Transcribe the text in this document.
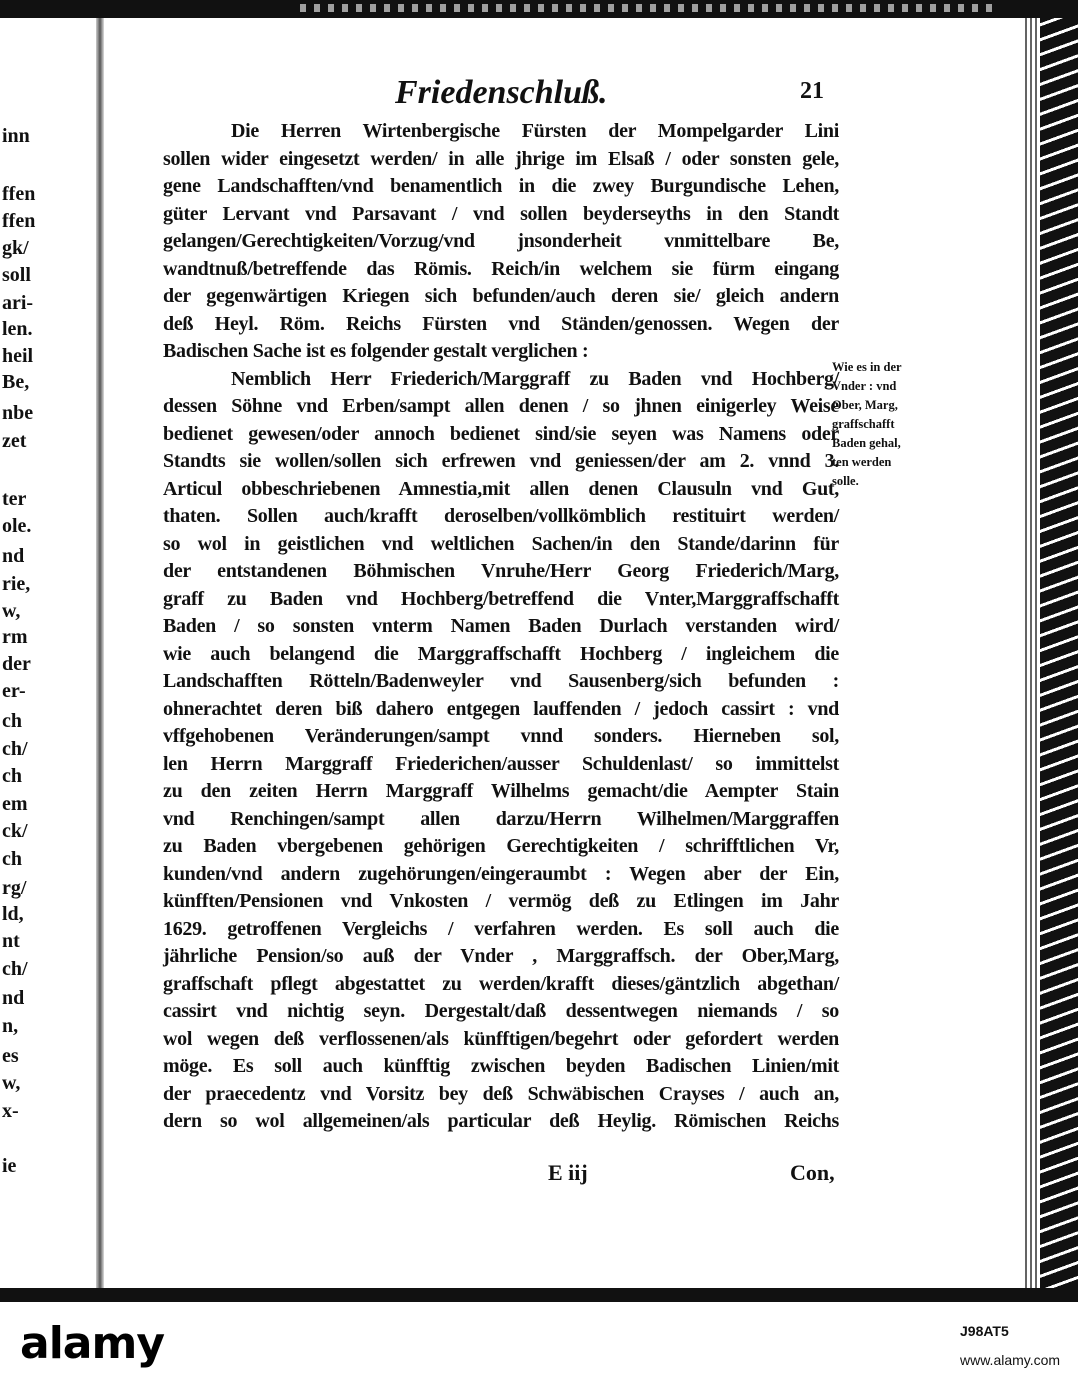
inn
ffen
ffen
gk/
soll
ari-
len.
heil
Be,
nbe
zet
ter
ole.
nd
rie,
w,
rm
der
er-
ch
ch/
ch
em
ck/
ch
rg/
ld,
nt
ch/
nd
n,
es
w,
x-
ie
Friedenschluß.	21
Die Herren Wirtenbergische Fürsten der Mompelgarder Lini
sollen wider eingesetzt werden/ in alle jhrige im Elsaß / oder sonsten gele,
gene Landschafften/vnd benamentlich in die zwey Burgundische Lehen,
güter Lervant vnd Parsavant / vnd sollen beyderseyths in den Standt
gelangen/Gerechtigkeiten/Vorzug/vnd jnsonderheit vnmittelbare Be,
wandtnuß/betreffende das Römis. Reich/in welchem sie fürm eingang
der gegenwärtigen Kriegen sich befunden/auch deren sie/ gleich andern
deß Heyl. Röm. Reichs Fürsten vnd Ständen/genossen. Wegen der
Badischen Sache ist es folgender gestalt verglichen :
Nemblich Herr Friederich/Marggraff zu Baden vnd Hochberg/
dessen Söhne vnd Erben/sampt allen denen / so jhnen einigerley Weise
bedienet gewesen/oder annoch bedienet sind/sie seyen was Namens oder
Standts sie wollen/sollen sich erfrewen vnd geniessen/der am 2. vnnd 3.
Articul obbeschriebenen Amnestia,mit allen denen Clausuln vnd Gut,
thaten. Sollen auch/krafft deroselben/vollkömblich restituirt werden/
so wol in geistlichen vnd weltlichen Sachen/in den Stande/darinn für
der entstandenen Böhmischen Vnruhe/Herr Georg Friederich/Marg,
graff zu Baden vnd Hochberg/betreffend die Vnter,Marggraffschafft
Baden / so sonsten vnterm Namen Baden Durlach verstanden wird/
wie auch belangend die Marggraffschafft Hochberg / ingleichem die
Landschafften Rötteln/Badenweyler vnd Sausenberg/sich befunden :
ohnerachtet deren biß dahero entgegen lauffenden / jedoch cassirt : vnd
vffgehobenen Veränderungen/sampt vnnd sonders. Hierneben sol,
len Herrn Marggraff Friederichen/ausser Schuldenlast/ so immittelst
zu den zeiten Herrn Marggraff Wilhelms gemacht/die Aempter Stain
vnd Renchingen/sampt allen darzu/Herrn Wilhelmen/Marggraffen
zu Baden vbergebenen gehörigen Gerechtigkeiten / schrifftlichen Vr,
kunden/vnd andern zugehörungen/eingeraumbt : Wegen aber der Ein,
künfften/Pensionen vnd Vnkosten / vermög deß zu Etlingen im Jahr
1629. getroffenen Vergleichs / verfahren werden. Es soll auch die
jährliche Pension/so auß der Vnder , Marggraffsch. der Ober,Marg,
graffschaft pflegt abgestattet zu werden/krafft dieses/gäntzlich abgethan/
cassirt vnd nichtig seyn. Dergestalt/daß dessentwegen niemands / so
wol wegen deß verflossenen/als künfftigen/begehrt oder gefordert werden
möge. Es soll auch künfftig zwischen beyden Badischen Linien/mit
der praecedentz vnd Vorsitz bey deß Schwäbischen Crayses / auch an,
dern so wol allgemeinen/als particular deß Heylig. Römischen Reichs
Wie es in der
Vnder : vnd
Ober, Marg,
graffschafft
Baden gehal,
ten werden
solle.
E iij	Con,
alamy	J98AT5
www.alamy.com
